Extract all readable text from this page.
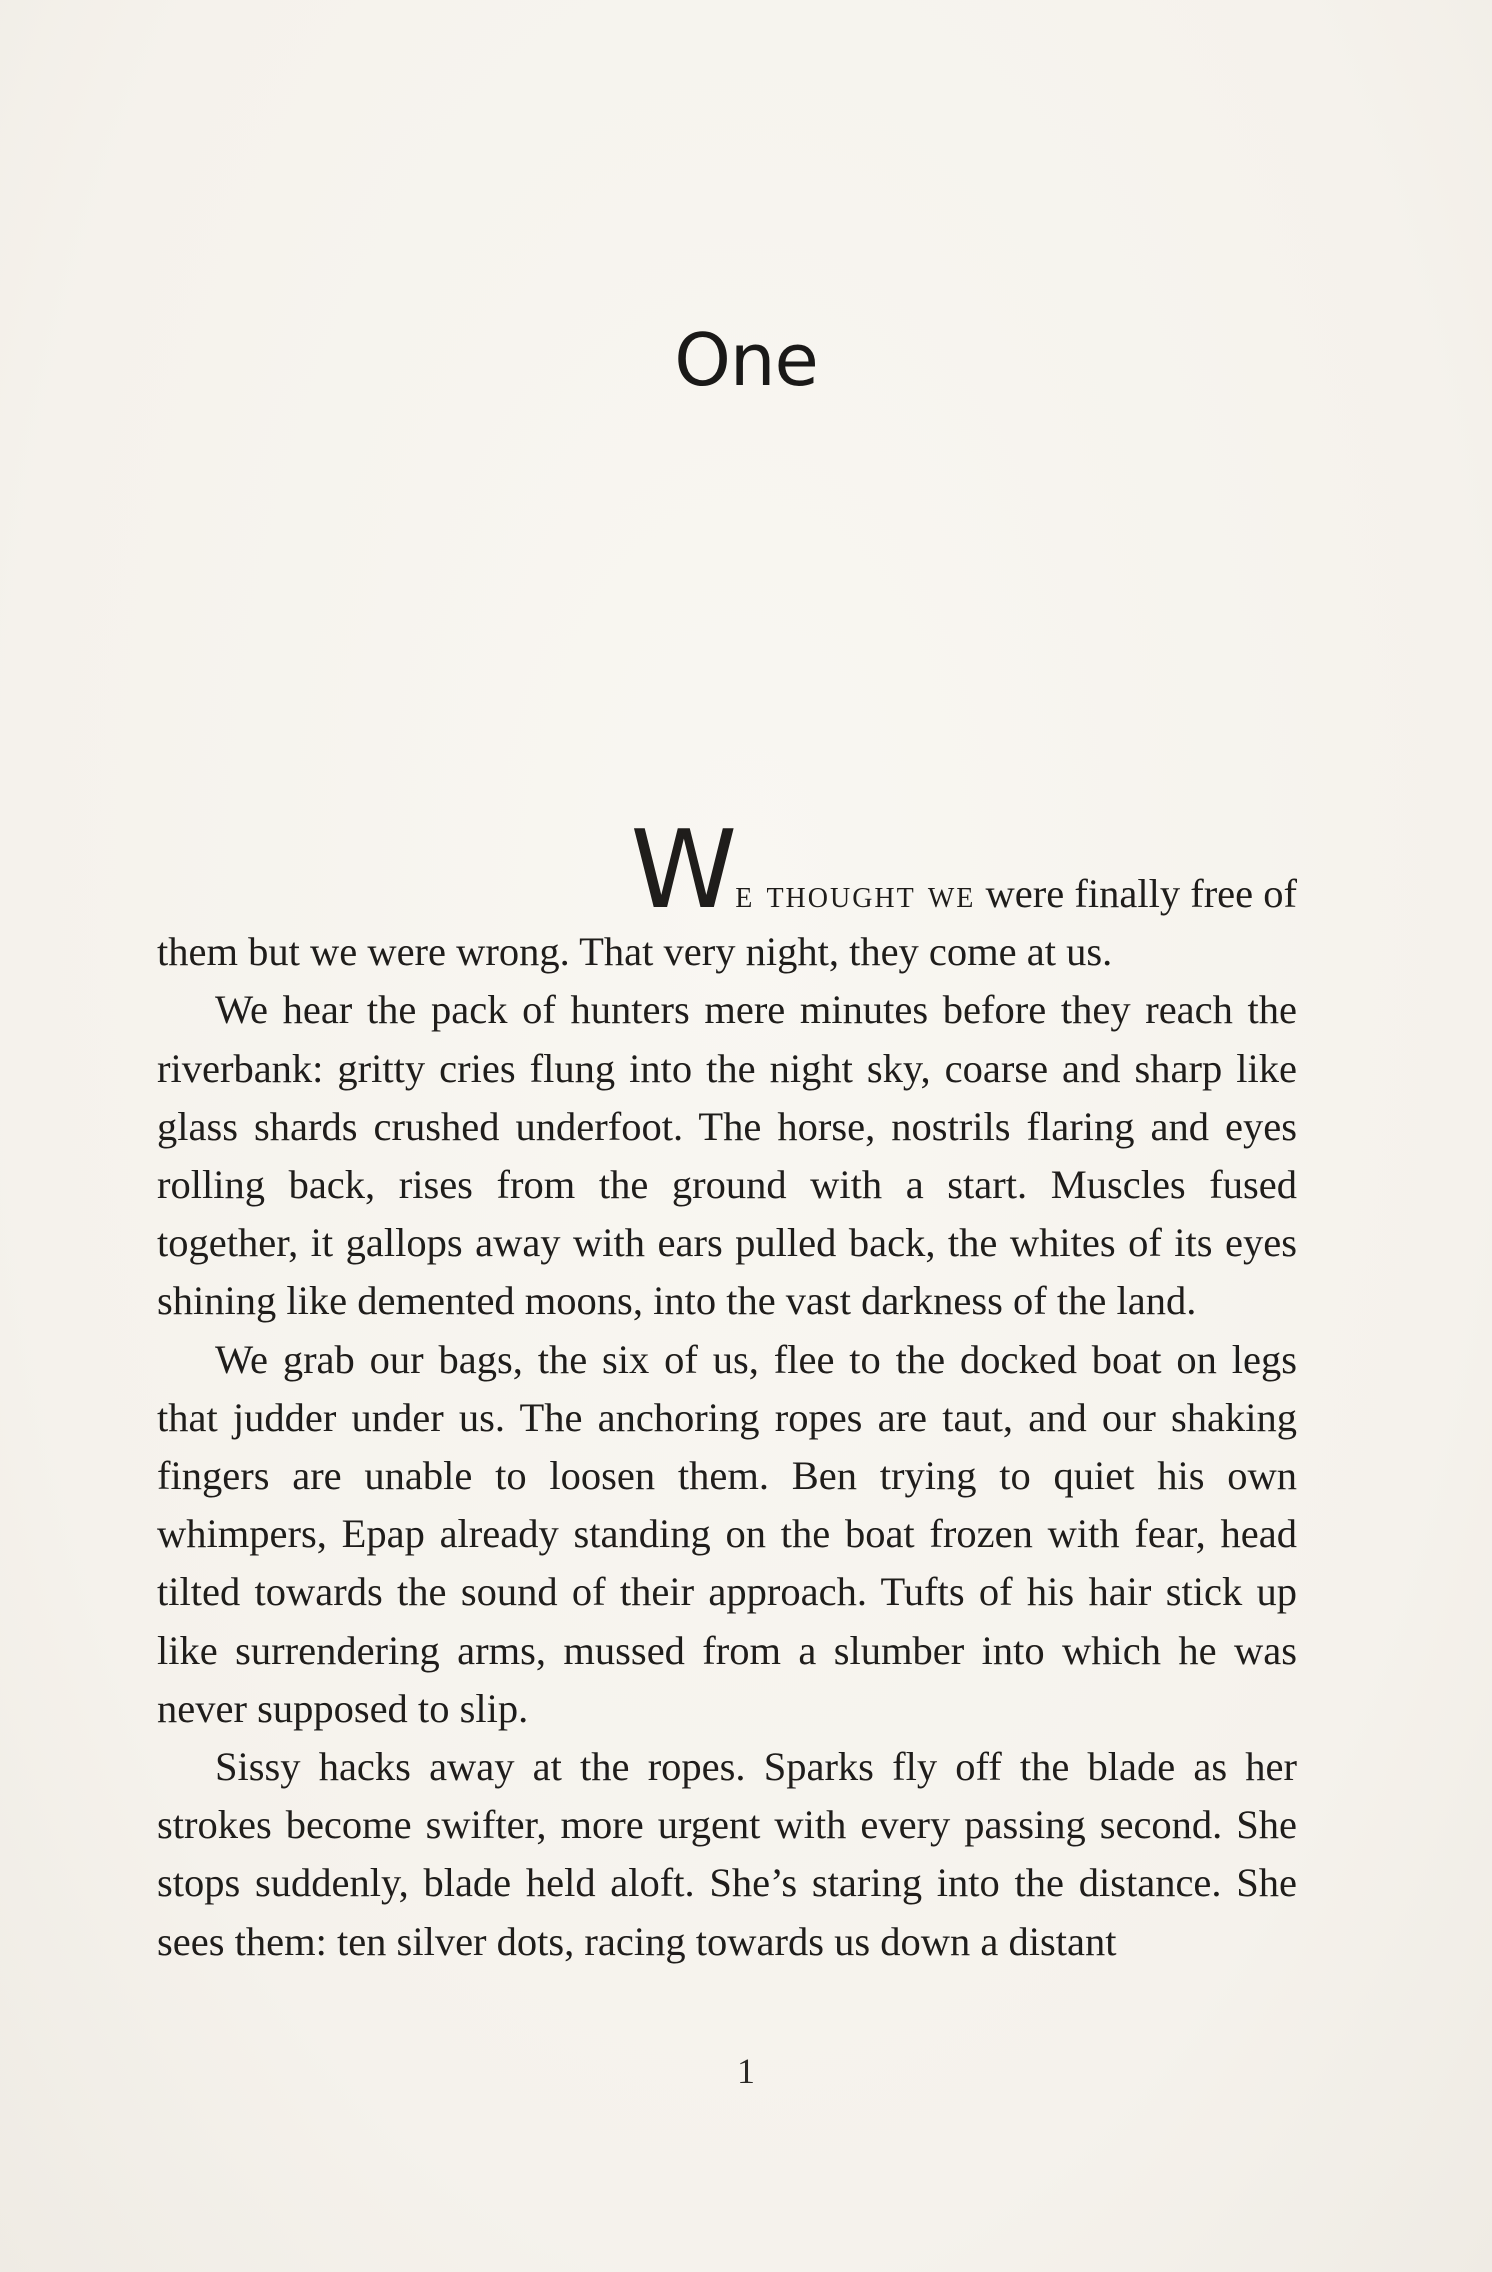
One

We thought we were finally free of
them but we were wrong. That very night, they come at us.

We hear the pack of hunters mere minutes before they reach the riverbank: gritty cries flung into the night sky, coarse and sharp like glass shards crushed underfoot. The horse, nostrils flaring and eyes rolling back, rises from the ground with a start. Muscles fused together, it gallops away with ears pulled back, the whites of its eyes shining like demented moons, into the vast darkness of the land.

We grab our bags, the six of us, flee to the docked boat on legs that judder under us. The anchoring ropes are taut, and our shaking fingers are unable to loosen them. Ben trying to quiet his own whimpers, Epap already standing on the boat frozen with fear, head tilted towards the sound of their approach. Tufts of his hair stick up like surrendering arms, mussed from a slumber into which he was never supposed to slip.

Sissy hacks away at the ropes. Sparks fly off the blade as her strokes become swifter, more urgent with every passing second. She stops suddenly, blade held aloft. She’s staring into the distance. She sees them: ten silver dots, racing towards us down a distant

1
